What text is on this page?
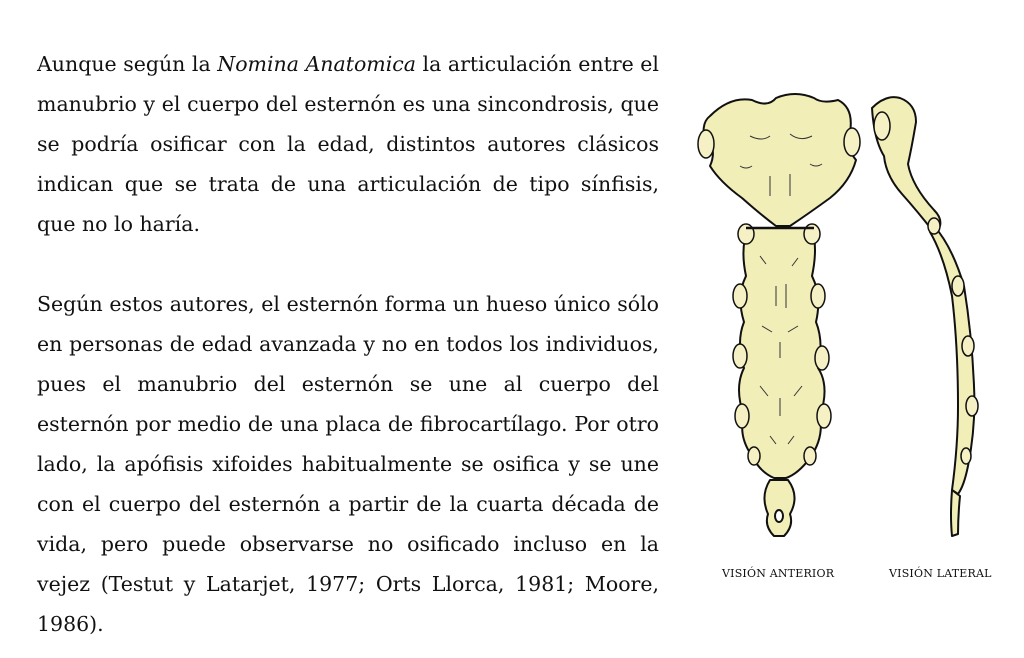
Aunque según la Nomina Anatomica la articulación entre el manubrio y el cuerpo del esternón es una sincondrosis, que se podría osificar con la edad, distintos autores clásicos indican que se trata de una articulación de tipo sínfisis, que no lo haría.

Según estos autores, el esternón forma un hueso único sólo en personas de edad avanzada y no en todos los individuos, pues el manubrio del esternón se une al cuerpo del esternón por medio de una placa de fibrocartílago. Por otro lado, la apófisis xifoides habitualmente se osifica y se une con el cuerpo del esternón a partir de la cuarta década de vida, pero puede observarse no osificado incluso en la vejez (Testut y Latarjet, 1977; Orts Llorca, 1981; Moore, 1986).

VISIÓN ANTERIOR	VISIÓN LATERAL
